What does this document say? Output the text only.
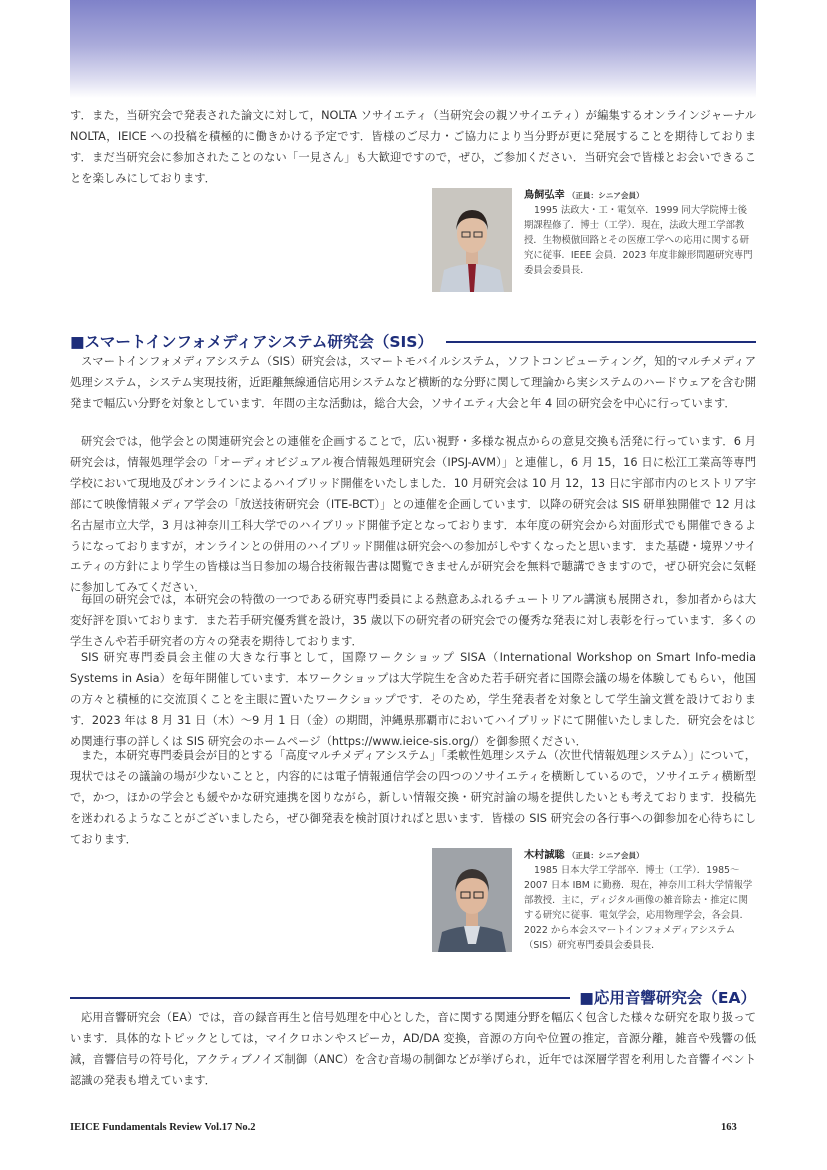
す．また，当研究会で発表された論文に対して，NOLTA ソサイエティ（当研究会の親ソサイエティ）が編集するオンラインジャーナル NOLTA，IEICE への投稿を積極的に働きかける予定です．皆様のご尽力・ご協力により当分野が更に発展することを期待しております．まだ当研究会に参加されたことのない「一見さん」も大歓迎ですので，ぜひ，ご参加ください．当研究会で皆様とお会いできることを楽しみにしております．

鳥飼弘幸 （正員：シニア会員）
1995 法政大・工・電気卒．1999 同大学院博士後期課程修了．博士（工学）．現在，法政大理工学部教授．生物模倣回路とその医療工学への応用に関する研究に従事．IEEE 会員．2023 年度非線形問題研究専門委員会委員長．
■スマートインフォメディアシステム研究会（SIS）

スマートインフォメディアシステム（SIS）研究会は，スマートモバイルシステム，ソフトコンピューティング，知的マルチメディア処理システム，システム実現技術，近距離無線通信応用システムなど横断的な分野に関して理論から実システムのハードウェアを含む開発まで幅広い分野を対象としています．年間の主な活動は，総合大会，ソサイエティ大会と年 4 回の研究会を中心に行っています．

研究会では，他学会との関連研究会との連催を企画することで，広い視野・多様な視点からの意見交換も活発に行っています．6 月研究会は，情報処理学会の「オーディオビジュアル複合情報処理研究会（IPSJ-AVM）」と連催し，6 月 15，16 日に松江工業高等専門学校において現地及びオンラインによるハイブリッド開催をいたしました．10 月研究会は 10 月 12，13 日に宇部市内のヒストリア宇部にて映像情報メディア学会の「放送技術研究会（ITE-BCT）」との連催を企画しています．以降の研究会は SIS 研単独開催で 12 月は名古屋市立大学，3 月は神奈川工科大学でのハイブリッド開催予定となっております．本年度の研究会から対面形式でも開催できるようになっておりますが，オンラインとの併用のハイブリッド開催は研究会への参加がしやすくなったと思います．また基礎・境界ソサイエティの方針により学生の皆様は当日参加の場合技術報告書は閲覧できませんが研究会を無料で聴講できますので，ぜひ研究会に気軽に参加してみてください．

毎回の研究会では，本研究会の特徴の一つである研究専門委員による熱意あふれるチュートリアル講演も展開され，参加者からは大変好評を頂いております．また若手研究優秀賞を設け，35 歳以下の研究者の研究会での優秀な発表に対し表彰を行っています．多くの学生さんや若手研究者の方々の発表を期待しております．

SIS 研究専門委員会主催の大きな行事として，国際ワークショップ SISA（International Workshop on Smart Info-media Systems in Asia）を毎年開催しています．本ワークショップは大学院生を含めた若手研究者に国際会議の場を体験してもらい，他国の方々と積極的に交流頂くことを主眼に置いたワークショップです．そのため，学生発表者を対象として学生論文賞を設けております．2023 年は 8 月 31 日（木）～9 月 1 日（金）の期間，沖縄県那覇市においてハイブリッドにて開催いたしました．研究会をはじめ関連行事の詳しくは SIS 研究会のホームページ（https://www.ieice-sis.org/）を御参照ください．

また，本研究専門委員会が目的とする「高度マルチメディアシステム」「柔軟性処理システム（次世代情報処理システム）」について，現状ではその議論の場が少ないことと，内容的には電子情報通信学会の四つのソサイエティを横断しているので，ソサイエティ横断型で，かつ，ほかの学会とも緩やかな研究連携を図りながら，新しい情報交換・研究討論の場を提供したいとも考えております．投稿先を迷われるようなことがございましたら，ぜひ御発表を検討頂ければと思います．皆様の SIS 研究会の各行事への御参加を心待ちにしております．

木村誠聡 （正員：シニア会員）
1985 日本大学工学部卒．博士（工学）．1985～2007 日本 IBM に勤務．現在，神奈川工科大学情報学部教授．主に，ディジタル画像の雑音除去・推定に関する研究に従事．電気学会，応用物理学会，各会員．2022 から本会スマートインフォメディアシステム（SIS）研究専門委員会委員長．
■応用音響研究会（EA）

応用音響研究会（EA）では，音の録音再生と信号処理を中心とした，音に関する関連分野を幅広く包含した様々な研究を取り扱っています．具体的なトピックとしては，マイクロホンやスピーカ，AD/DA 変換，音源の方向や位置の推定，音源分離，雑音や残響の低減，音響信号の符号化，アクティブノイズ制御（ANC）を含む音場の制御などが挙げられ，近年では深層学習を利用した音響イベント認識の発表も増えています．

IEICE Fundamentals Review Vol.17 No.2	163
